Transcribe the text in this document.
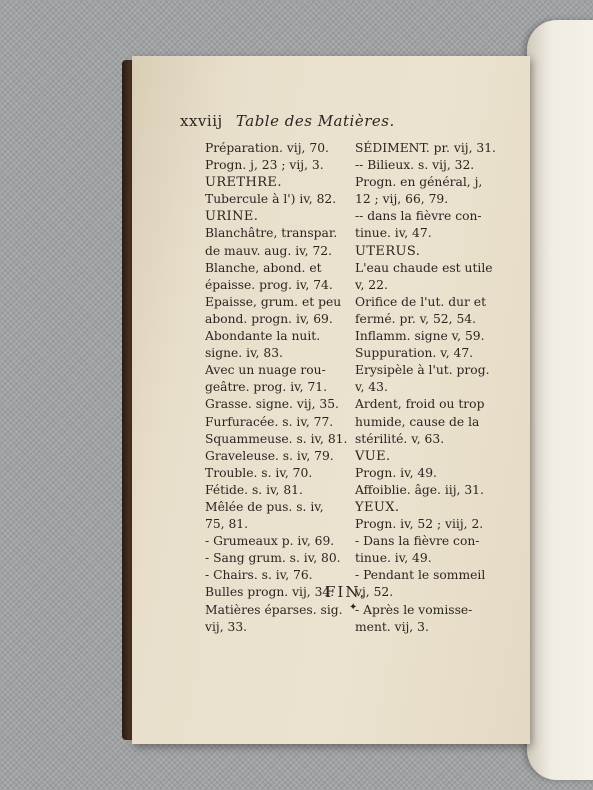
xxviij Table des Matières.
Préparation. vij, 70.
Progn. j, 23 ; vij, 3.
URETHRE.
Tubercule à l') iv, 82.
URINE.
Blanchâtre, transpar.
de mauv. aug. iv, 72.
Blanche, abond. et
épaisse. prog. iv, 74.
Epaisse, grum. et peu
abond. progn. iv, 69.
Abondante la nuit.
signe. iv, 83.
Avec un nuage rou-
geâtre. prog. iv, 71.
Grasse. signe. vij, 35.
Furfuracée. s. iv, 77.
Squammeuse. s. iv, 81.
Graveleuse. s. iv, 79.
Trouble. s. iv, 70.
Fétide. s. iv, 81.
Mêlée de pus. s. iv,
75, 81.
- Grumeaux p. iv, 69.
- Sang grum. s. iv, 80.
- Chairs. s. iv, 76.
Bulles progn. vij, 34.
Matières éparses. sig.
vij, 33.
SÉDIMENT. pr. vij, 31.
-- Bilieux. s. vij, 32.
Progn. en général, j,
12 ; vij, 66, 79.
-- dans la fièvre con-
tinue. iv, 47.
UTERUS.
L'eau chaude est utile
v, 22.
Orifice de l'ut. dur et
fermé. pr. v, 52, 54.
Inflamm. signe v, 59.
Suppuration. v, 47.
Erysipèle à l'ut. prog.
v, 43.
Ardent, froid ou trop
humide, cause de la
stérilité. v, 63.
VUE.
Progn. iv, 49.
Affoiblie. âge. iij, 31.
YEUX.
Progn. iv, 52 ; viij, 2.
- Dans la fièvre con-
tinue. iv, 49.
- Pendant le sommeil
vj, 52.
- Après le vomisse-
ment. vij, 3.
FIN.
✦
